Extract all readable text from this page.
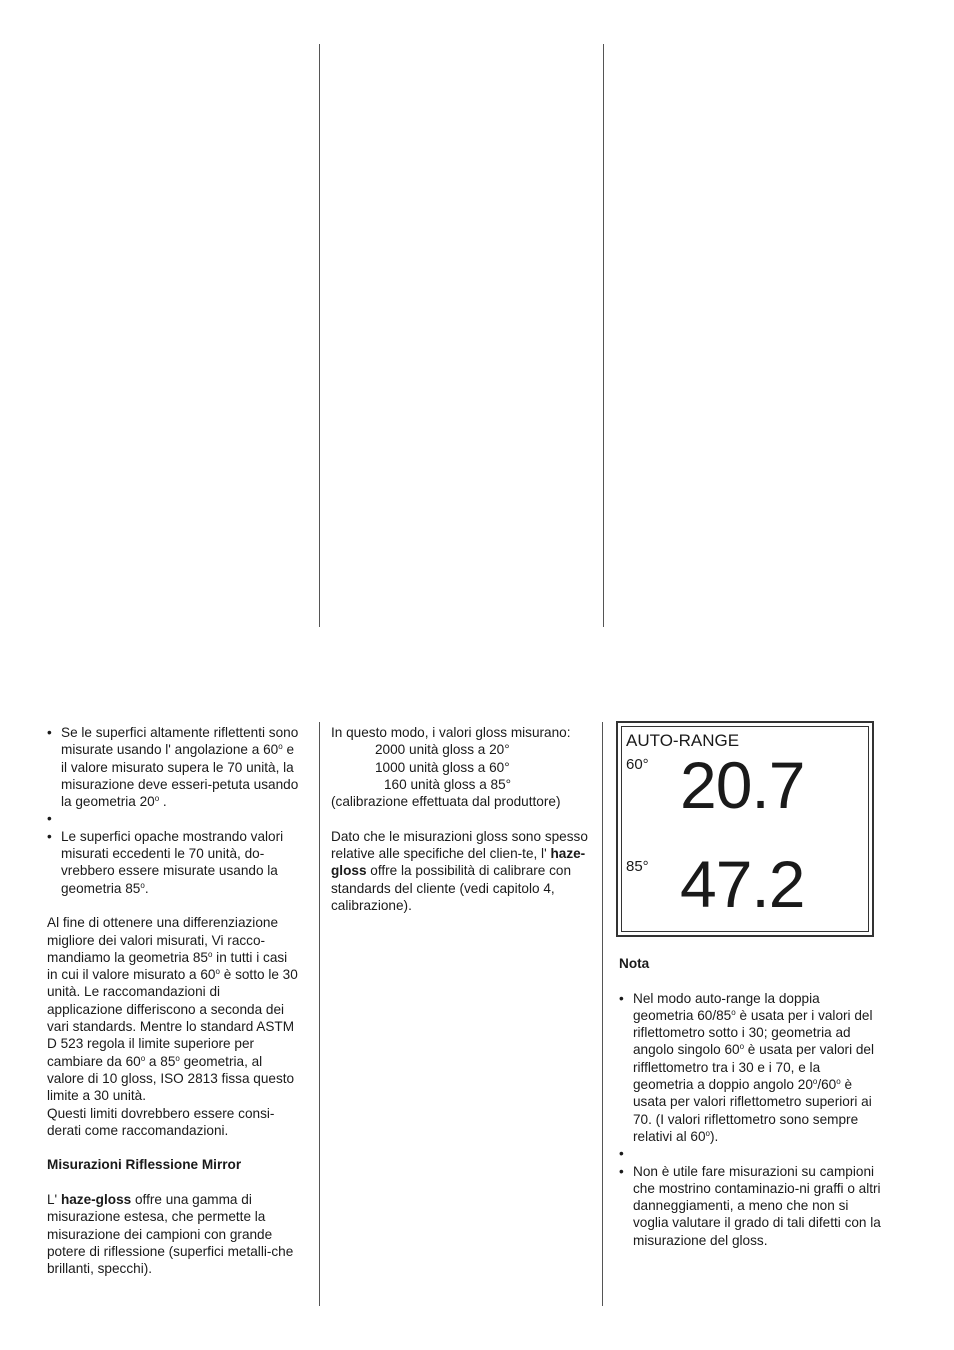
• Se le superfici altamente riflettenti sono misurate usando l' angolazione a 60$^o$ e il valore misurato supera le 70 unità, la misurazione deve esseri-petuta usando la geometria 20$^o$ .
•
• Le superfici opache mostrando valori misurati eccedenti le 70 unità, do-vrebbero essere misurate usando la geometria 85$^o$.

Al fine di ottenere una differenziazione migliore dei valori misurati, Vi racco-mandiamo la geometria 85$^o$ in tutti i casi in cui il valore misurato a 60$^o$ è sotto le 30 unità. Le raccomandazioni di applicazione differiscono a seconda dei vari standards. Mentre lo standard ASTM D 523 regola il limite superiore per cambiare da 60$^o$ a 85$^o$ geometria, al valore di 10 gloss, ISO 2813 fissa questo limite a 30 unità.

Questi limiti dovrebbero essere consi-derati come raccomandazioni.

Misurazioni Riflessione Mirror

L' haze-gloss offre una gamma di misurazione estesa, che permette la misurazione dei campioni con grande potere di riflessione (superfici metalli-che brillanti, specchi).

In questo modo, i valori gloss misurano:

2000 unità gloss a 20°

1000 unità gloss a 60°

160 unità gloss a 85°

(calibrazione effettuata dal produttore)

Dato che le misurazioni gloss sono spesso relative alle specifiche del clien-te, l' haze-gloss offre la possibilità di calibrare con standards del cliente (vedi capitolo 4, calibrazione).

AUTO-RANGE
60° 20.7
85° 47.2

Nota

• Nel modo auto-range la doppia geometria 60/85$^o$ è usata per i valori del riflettometro sotto i 30; geometria ad angolo singolo 60$^o$ è usata per valori del rifflettometro tra i 30 e i 70, e la geometria a doppio angolo 20$^o$/60$^o$ è usata per valori riflettometro superiori ai 70. (I valori riflettometro sono sempre relativi al 60$^o$).
•
• Non è utile fare misurazioni su campioni che mostrino contaminazio-ni graffi o altri danneggiamenti, a meno che non si voglia valutare il grado di tali difetti con la misurazione del gloss.
